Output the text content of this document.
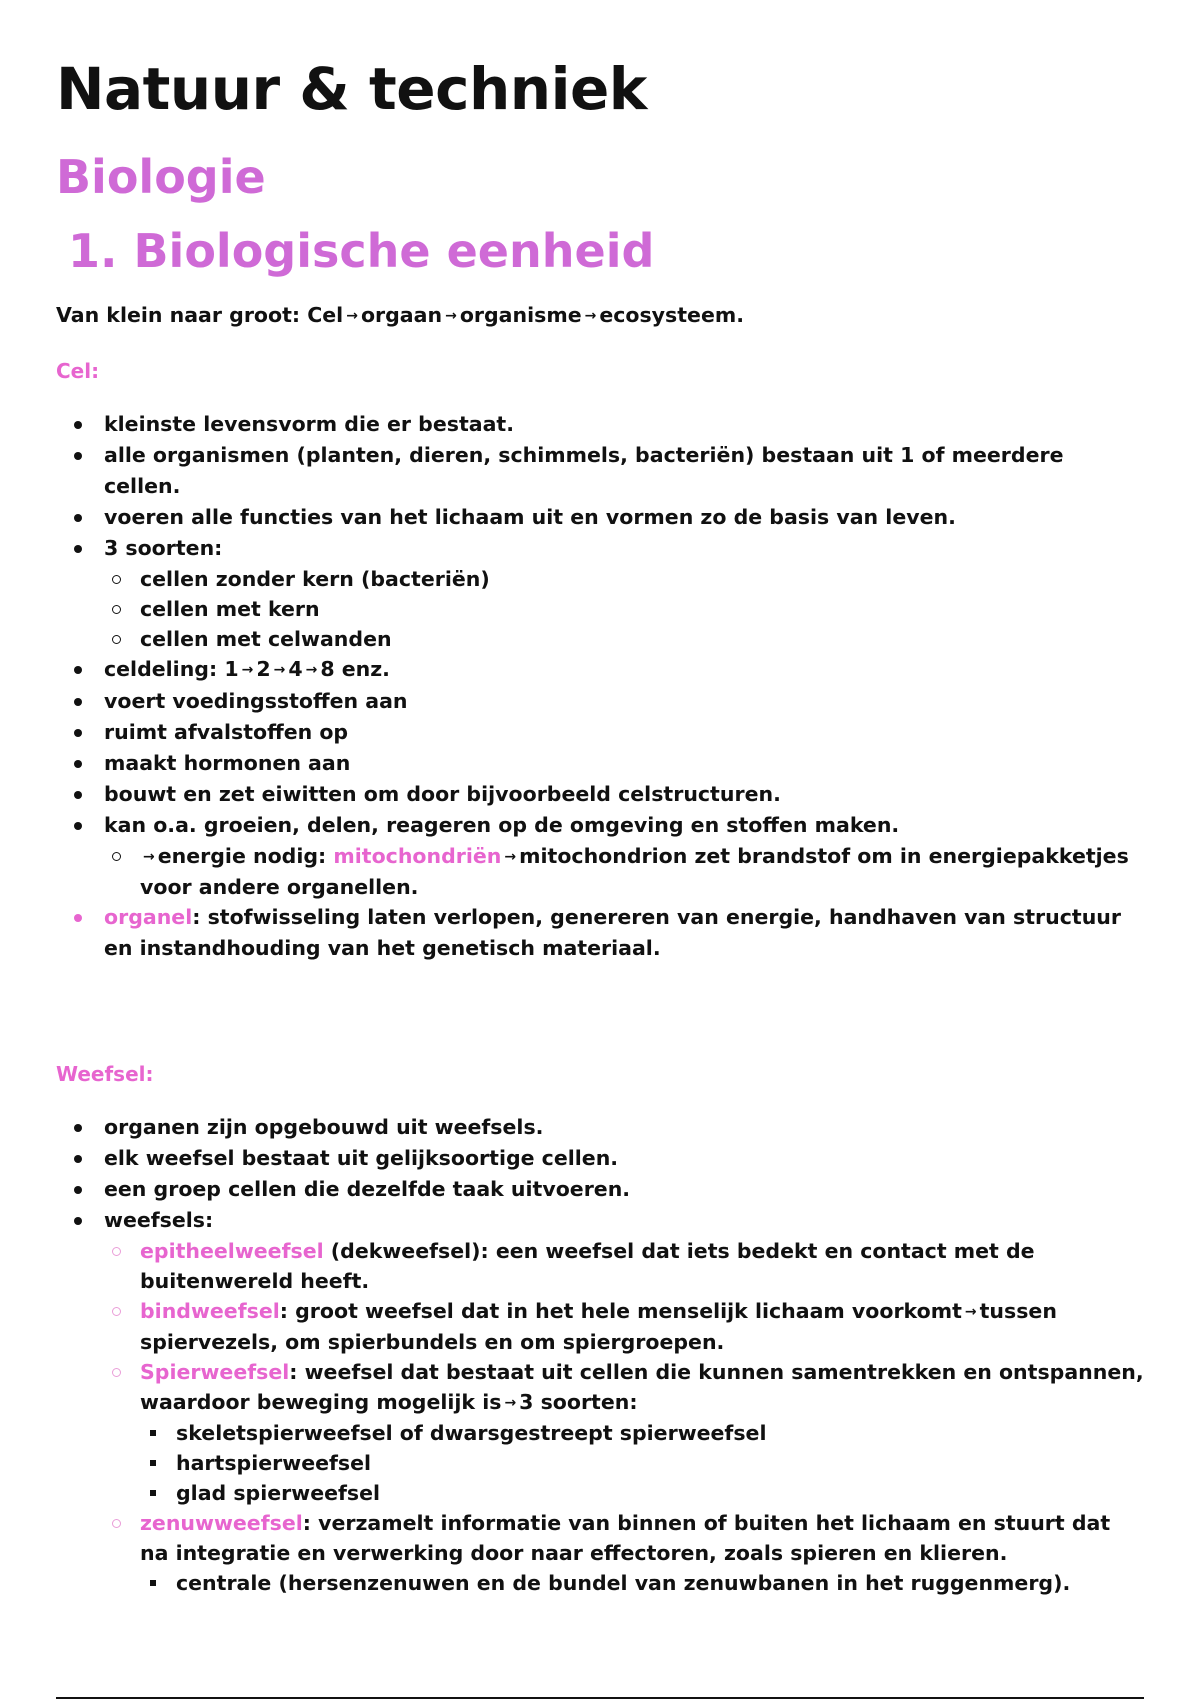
Natuur & techniek
Biologie
1. Biologische eenheid

Van klein naar groot: Cel → orgaan → organisme → ecosysteem.

Cel:
kleinste levensvorm die er bestaat.
alle organismen (planten, dieren, schimmels, bacteriën) bestaan uit 1 of meerdere cellen.
voeren alle functies van het lichaam uit en vormen zo de basis van leven.
3 soorten:
cellen zonder kern (bacteriën)
cellen met kern
cellen met celwanden
celdeling: 1 → 2 → 4 → 8 enz.
voert voedingsstoffen aan
ruimt afvalstoffen op
maakt hormonen aan
bouwt en zet eiwitten om door bijvoorbeeld celstructuren.
kan o.a. groeien, delen, reageren op de omgeving en stoffen maken.
→ energie nodig: mitochondriën → mitochondrion zet brandstof om in energiepakketjes voor andere organellen.
organel: stofwisseling laten verlopen, genereren van energie, handhaven van structuur en instandhouding van het genetisch materiaal.
Weefsel:
organen zijn opgebouwd uit weefsels.
elk weefsel bestaat uit gelijksoortige cellen.
een groep cellen die dezelfde taak uitvoeren.
weefsels:
epitheelweefsel (dekweefsel): een weefsel dat iets bedekt en contact met de buitenwereld heeft.
bindweefsel: groot weefsel dat in het hele menselijk lichaam voorkomt → tussen spiervezels, om spierbundels en om spiergroepen.
Spierweefsel: weefsel dat bestaat uit cellen die kunnen samentrekken en ontspannen, waardoor beweging mogelijk is → 3 soorten:
skeletspierweefsel of dwarsgestreept spierweefsel
hartspierweefsel
glad spierweefsel
zenuwweefsel: verzamelt informatie van binnen of buiten het lichaam en stuurt dat na integratie en verwerking door naar effectoren, zoals spieren en klieren.
centrale (hersenzenuwen en de bundel van zenuwbanen in het ruggenmerg).
